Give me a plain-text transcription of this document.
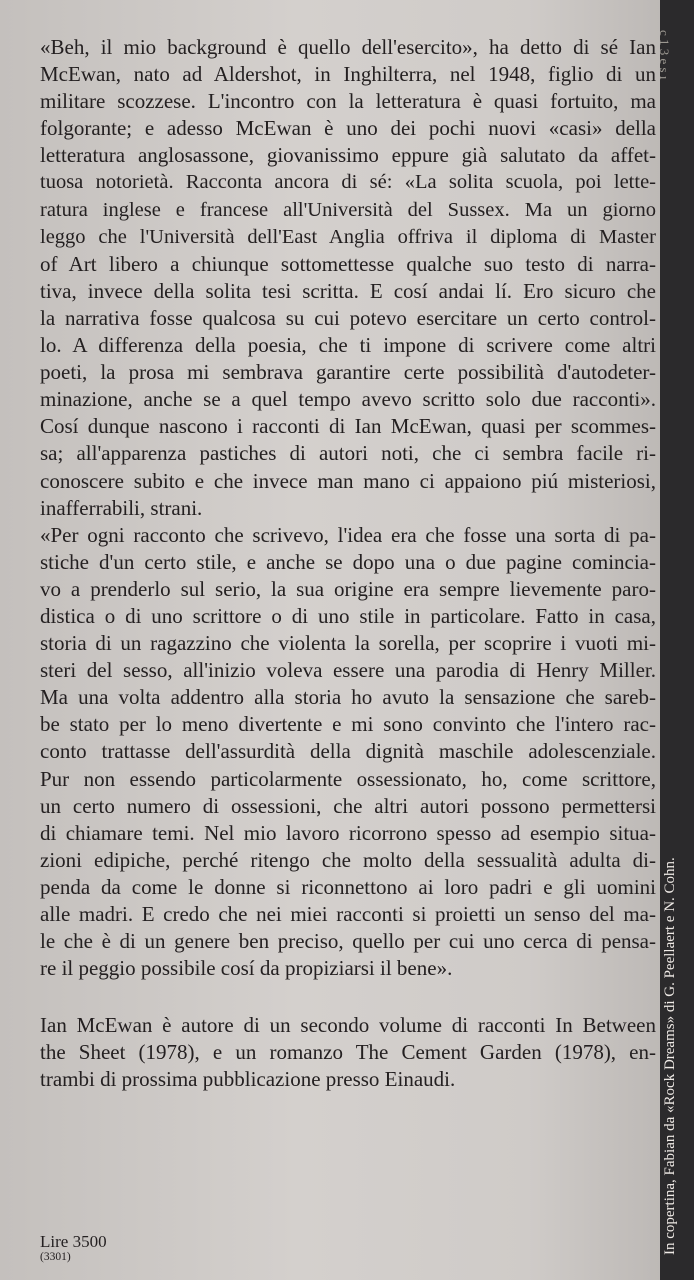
«Beh, il mio background è quello dell'esercito», ha detto di sé Ian
McEwan, nato ad Aldershot, in Inghilterra, nel 1948, figlio di un
militare scozzese. L'incontro con la letteratura è quasi fortuito, ma
folgorante; e adesso McEwan è uno dei pochi nuovi «casi» della
letteratura anglosassone, giovanissimo eppure già salutato da affet-
tuosa notorietà. Racconta ancora di sé: «La solita scuola, poi lette-
ratura inglese e francese all'Università del Sussex. Ma un giorno
leggo che l'Università dell'East Anglia offriva il diploma di Master
of Art libero a chiunque sottomettesse qualche suo testo di narra-
tiva, invece della solita tesi scritta. E cosí andai lí. Ero sicuro che
la narrativa fosse qualcosa su cui potevo esercitare un certo control-
lo. A differenza della poesia, che ti impone di scrivere come altri
poeti, la prosa mi sembrava garantire certe possibilità d'autodeter-
minazione, anche se a quel tempo avevo scritto solo due racconti».
Cosí dunque nascono i racconti di Ian McEwan, quasi per scommes-
sa; all'apparenza pastiches di autori noti, che ci sembra facile ri-
conoscere subito e che invece man mano ci appaiono piú misteriosi,
inafferrabili, strani.
«Per ogni racconto che scrivevo, l'idea era che fosse una sorta di pa-
stiche d'un certo stile, e anche se dopo una o due pagine comincia-
vo a prenderlo sul serio, la sua origine era sempre lievemente paro-
distica o di uno scrittore o di uno stile in particolare. Fatto in casa,
storia di un ragazzino che violenta la sorella, per scoprire i vuoti mi-
steri del sesso, all'inizio voleva essere una parodia di Henry Miller.
Ma una volta addentro alla storia ho avuto la sensazione che sareb-
be stato per lo meno divertente e mi sono convinto che l'intero rac-
conto trattasse dell'assurdità della dignità maschile adolescenziale.
Pur non essendo particolarmente ossessionato, ho, come scrittore,
un certo numero di ossessioni, che altri autori possono permettersi
di chiamare temi. Nel mio lavoro ricorrono spesso ad esempio situa-
zioni edipiche, perché ritengo che molto della sessualità adulta di-
penda da come le donne si riconnettono ai loro padri e gli uomini
alle madri. E credo che nei miei racconti si proietti un senso del ma-
le che è di un genere ben preciso, quello per cui uno cerca di pensa-
re il peggio possibile cosí da propiziarsi il bene».
Ian McEwan è autore di un secondo volume di racconti In Between
the Sheet (1978), e un romanzo The Cement Garden (1978), en-
trambi di prossima pubblicazione presso Einaudi.
Lire 3500
(3301)
c 1 3 e s ı
In copertina, Fabian da «Rock Dreams» di G. Peellaert e N. Cohn.
